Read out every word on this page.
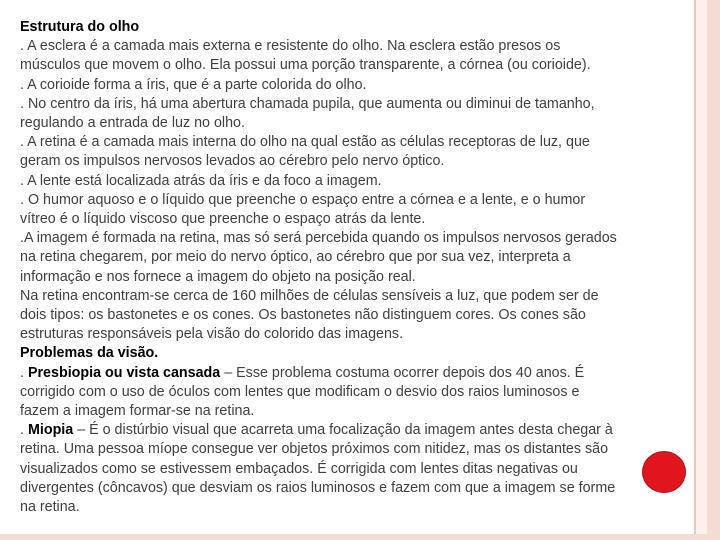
Estrutura do olho

. A esclera é a camada mais externa e resistente do olho. Na esclera estão presos os

músculos que movem o olho. Ela possui uma porção transparente, a córnea (ou corioide).

. A corioide forma a íris, que é a parte colorida do olho.

. No centro da íris, há uma abertura chamada pupila, que aumenta ou diminui de tamanho,

regulando a entrada de luz no olho.

. A retina é a camada mais interna do olho na qual estão as células receptoras de luz, que

geram os impulsos nervosos levados ao cérebro pelo nervo óptico.

. A lente está localizada atrás da íris e da foco a imagem.

. O humor aquoso e o líquido que preenche o espaço entre a córnea e a lente, e o humor

vítreo é o líquido viscoso que preenche o espaço atrás da lente.

.A imagem é formada na retina, mas só será percebida quando os impulsos nervosos gerados

na retina chegarem, por meio do nervo óptico, ao cérebro que por sua vez, interpreta a

informação e nos fornece a imagem do objeto na posição real.

Na retina encontram-se cerca de 160 milhões de células sensíveis a luz, que podem ser de

dois tipos: os bastonetes e os cones. Os bastonetes não distinguem cores. Os cones são

estruturas responsáveis pela visão do colorido das imagens.

Problemas da visão.

. Presbiopia ou vista cansada – Esse problema costuma ocorrer depois dos 40 anos. É

corrigido com o uso de óculos com lentes que modificam o desvio dos raios luminosos e

fazem a imagem formar-se na retina.

. Miopia – É o distúrbio visual que acarreta uma focalização da imagem antes desta chegar à

retina. Uma pessoa míope consegue ver objetos próximos com nitidez, mas os distantes são

visualizados como se estivessem embaçados. É corrigida com lentes ditas negativas ou

divergentes (côncavos) que desviam os raios luminosos e fazem com que a imagem se forme

na retina.
